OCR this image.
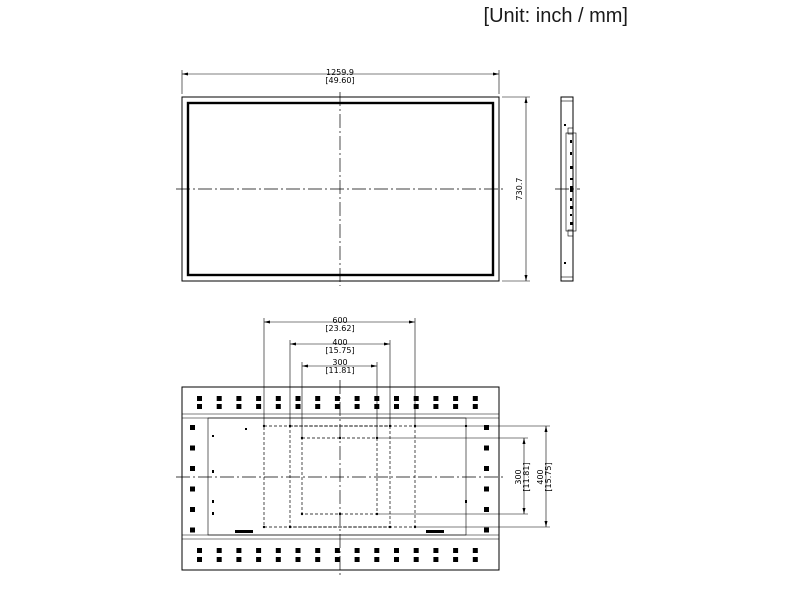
[Unit: inch / mm]
1259.9
[49.60]
730.7
600
[23.62]
400
[15.75]
300
[11.81]
300 [11.81] 400 [15.75]
